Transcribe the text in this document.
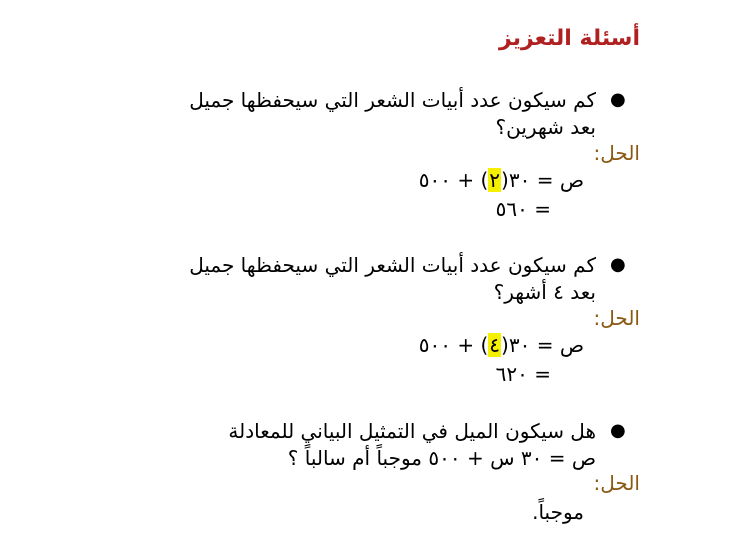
أسئلة التعزيز
●
كم سيكون عدد أبيات الشعر التي سيحفظها جميل
بعد شهرين؟
الحل:
ص = ٣٠(٢) + ٥٠٠
= ٥٦٠
●
كم سيكون عدد أبيات الشعر التي سيحفظها جميل
بعد ٤ أشهر؟
الحل:
ص = ٣٠(٤) + ٥٠٠
= ٦٢٠
●
هل سيكون الميل في التمثيل البياني للمعادلة
ص = ٣٠ س + ٥٠٠ موجباً أم سالباً ؟
الحل:
موجباً.
